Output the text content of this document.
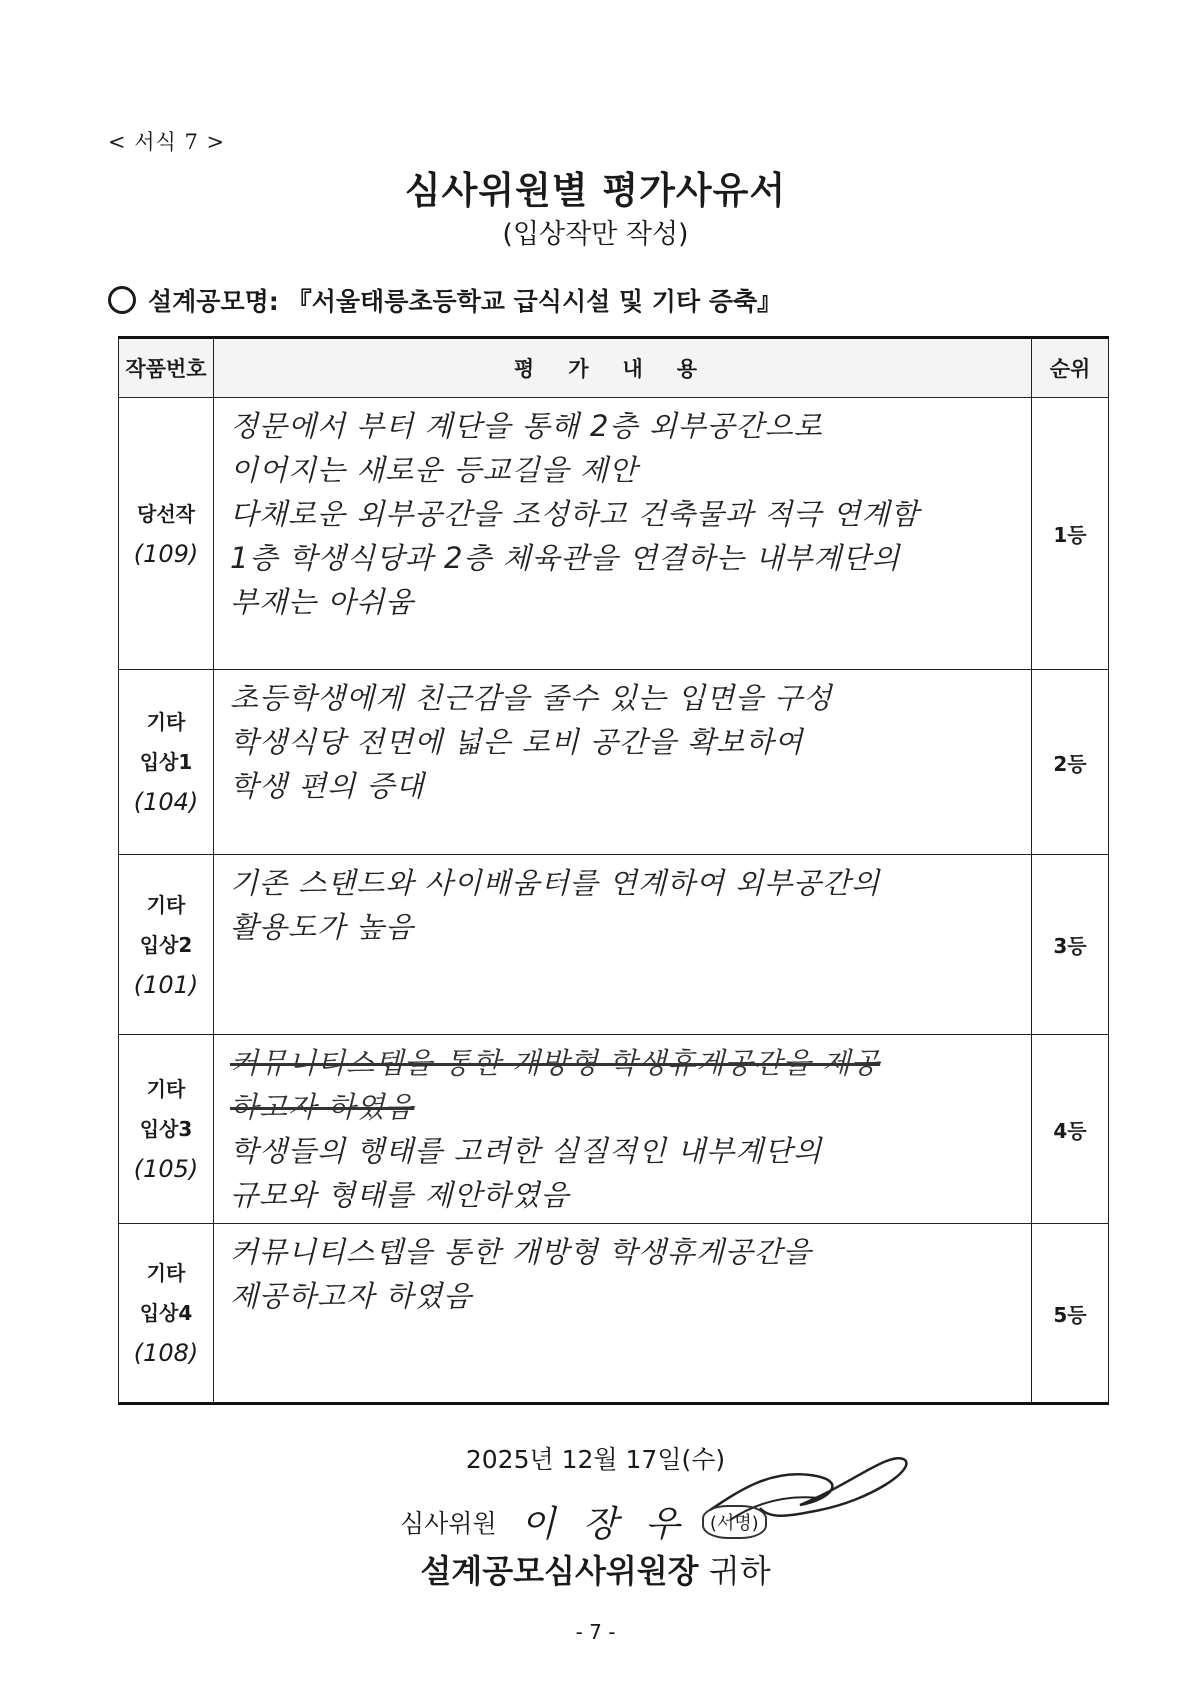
< 서식 7 >
심사위원별 평가사유서
(입상작만 작성)
설계공모명: 『서울태릉초등학교 급식시설 및 기타 증축』
작품번호	평가내용	순위
당선작
(109)	정문에서 부터 계단을 통해 2층 외부공간으로
이어지는 새로운 등교길을 제안
다채로운 외부공간을 조성하고 건축물과 적극 연계함
1층 학생식당과 2층 체육관을 연결하는 내부계단의
부재는 아쉬움	1등
기타
입상1
(104)	초등학생에게 친근감을 줄수 있는 입면을 구성
학생식당 전면에 넓은 로비 공간을 확보하여
학생 편의 증대	2등
기타
입상2
(101)	기존 스탠드와 사이배움터를 연계하여 외부공간의
활용도가 높음	3등
기타
입상3
(105)	커뮤니티스텝을 통한 개방형 학생휴게공간을 제공
하고자 하였음
학생들의 행태를 고려한 실질적인 내부계단의
규모와 형태를 제안하였음	4등
기타
입상4
(108)	커뮤니티스텝을 통한 개방형 학생휴게공간을
제공하고자 하였음	5등
2025년 12월 17일(수)
심사위원 이 장 우	(서명)
설계공모심사위원장 귀하
- 7 -
